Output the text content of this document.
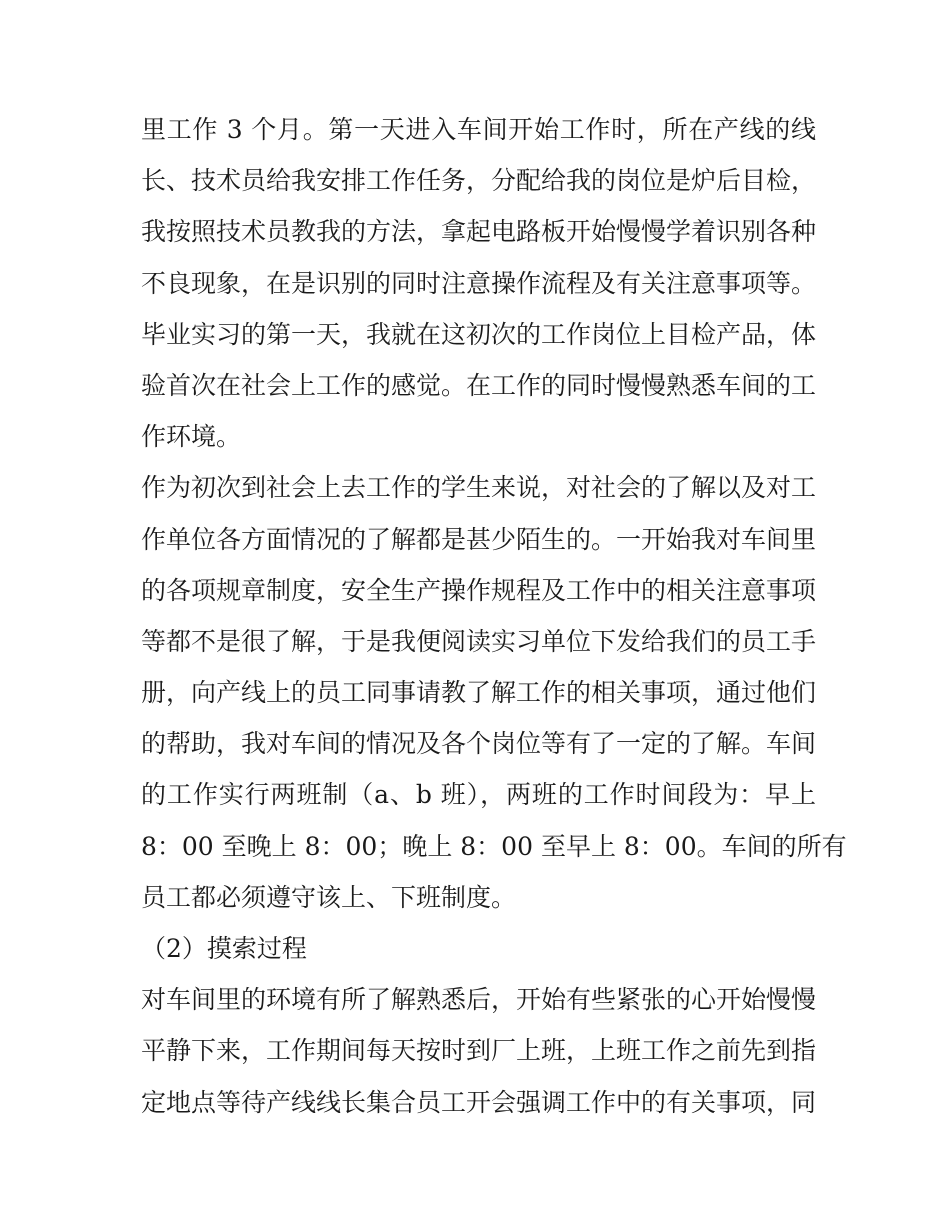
里工作 3 个月。第一天进入车间开始工作时，所在产线的线
长、技术员给我安排工作任务，分配给我的岗位是炉后目检，
我按照技术员教我的方法，拿起电路板开始慢慢学着识别各种
不良现象，在是识别的同时注意操作流程及有关注意事项等。
毕业实习的第一天，我就在这初次的工作岗位上目检产品，体
验首次在社会上工作的感觉。在工作的同时慢慢熟悉车间的工
作环境。
作为初次到社会上去工作的学生来说，对社会的了解以及对工
作单位各方面情况的了解都是甚少陌生的。一开始我对车间里
的各项规章制度，安全生产操作规程及工作中的相关注意事项
等都不是很了解，于是我便阅读实习单位下发给我们的员工手
册，向产线上的员工同事请教了解工作的相关事项，通过他们
的帮助，我对车间的情况及各个岗位等有了一定的了解。车间
的工作实行两班制（a、b 班），两班的工作时间段为：早上
8：00 至晚上 8：00；晚上 8：00 至早上 8：00。车间的所有
员工都必须遵守该上、下班制度。
（2）摸索过程
对车间里的环境有所了解熟悉后，开始有些紧张的心开始慢慢
平静下来，工作期间每天按时到厂上班，上班工作之前先到指
定地点等待产线线长集合员工开会强调工作中的有关事项，同
